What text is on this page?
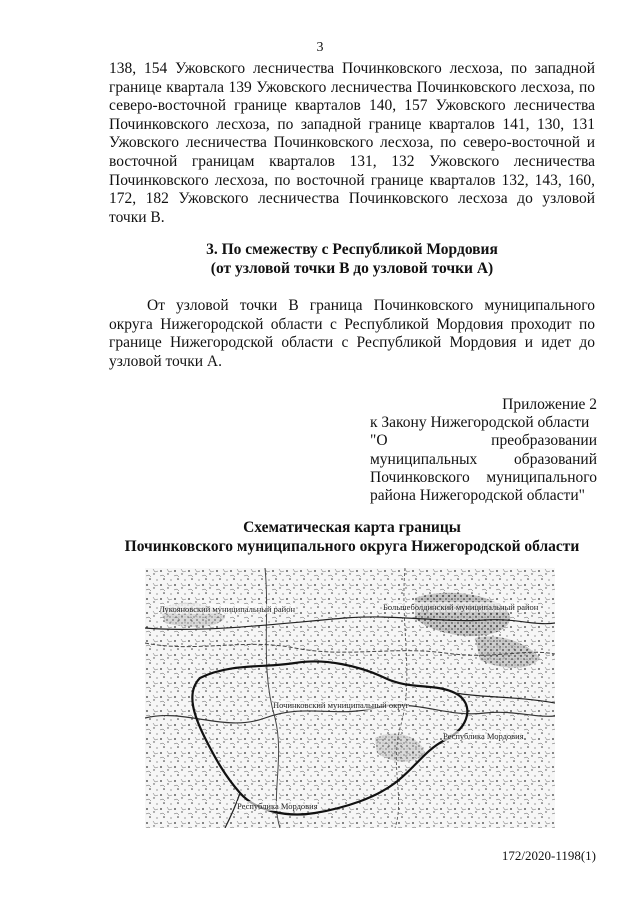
3

138, 154 Ужовского лесничества Починковского лесхоза, по западной границе квартала 139 Ужовского лесничества Починковского лесхоза, по северо-восточной границе кварталов 140, 157 Ужовского лесничества Починковского лесхоза, по западной границе кварталов 141, 130, 131 Ужовского лесничества Починковского лесхоза, по северо-восточной и восточной границам кварталов 131, 132 Ужовского лесничества Починковского лесхоза, по восточной границе кварталов 132, 143, 160, 172, 182 Ужовского лесничества Починковского лесхоза до узловой точки В.

3. По смежеству с Республикой Мордовия
(от узловой точки В до узловой точки А)

От узловой точки В граница Починковского муниципального округа Нижегородской области с Республикой Мордовия проходит по границе Нижегородской области с Республикой Мордовия и идет до узловой точки А.

Приложение 2
к Закону Нижегородской области
"О преобразовании
муниципальных образований
Починковского муниципального
района Нижегородской области"
Схематическая карта границы
Починковского муниципального округа Нижегородской области
Лукояновский муниципальный район	Большеболдинский муниципальный район
Починковский муниципальный округ
Республика Мордовия
Республика Мордовия
172/2020-1198(1)
